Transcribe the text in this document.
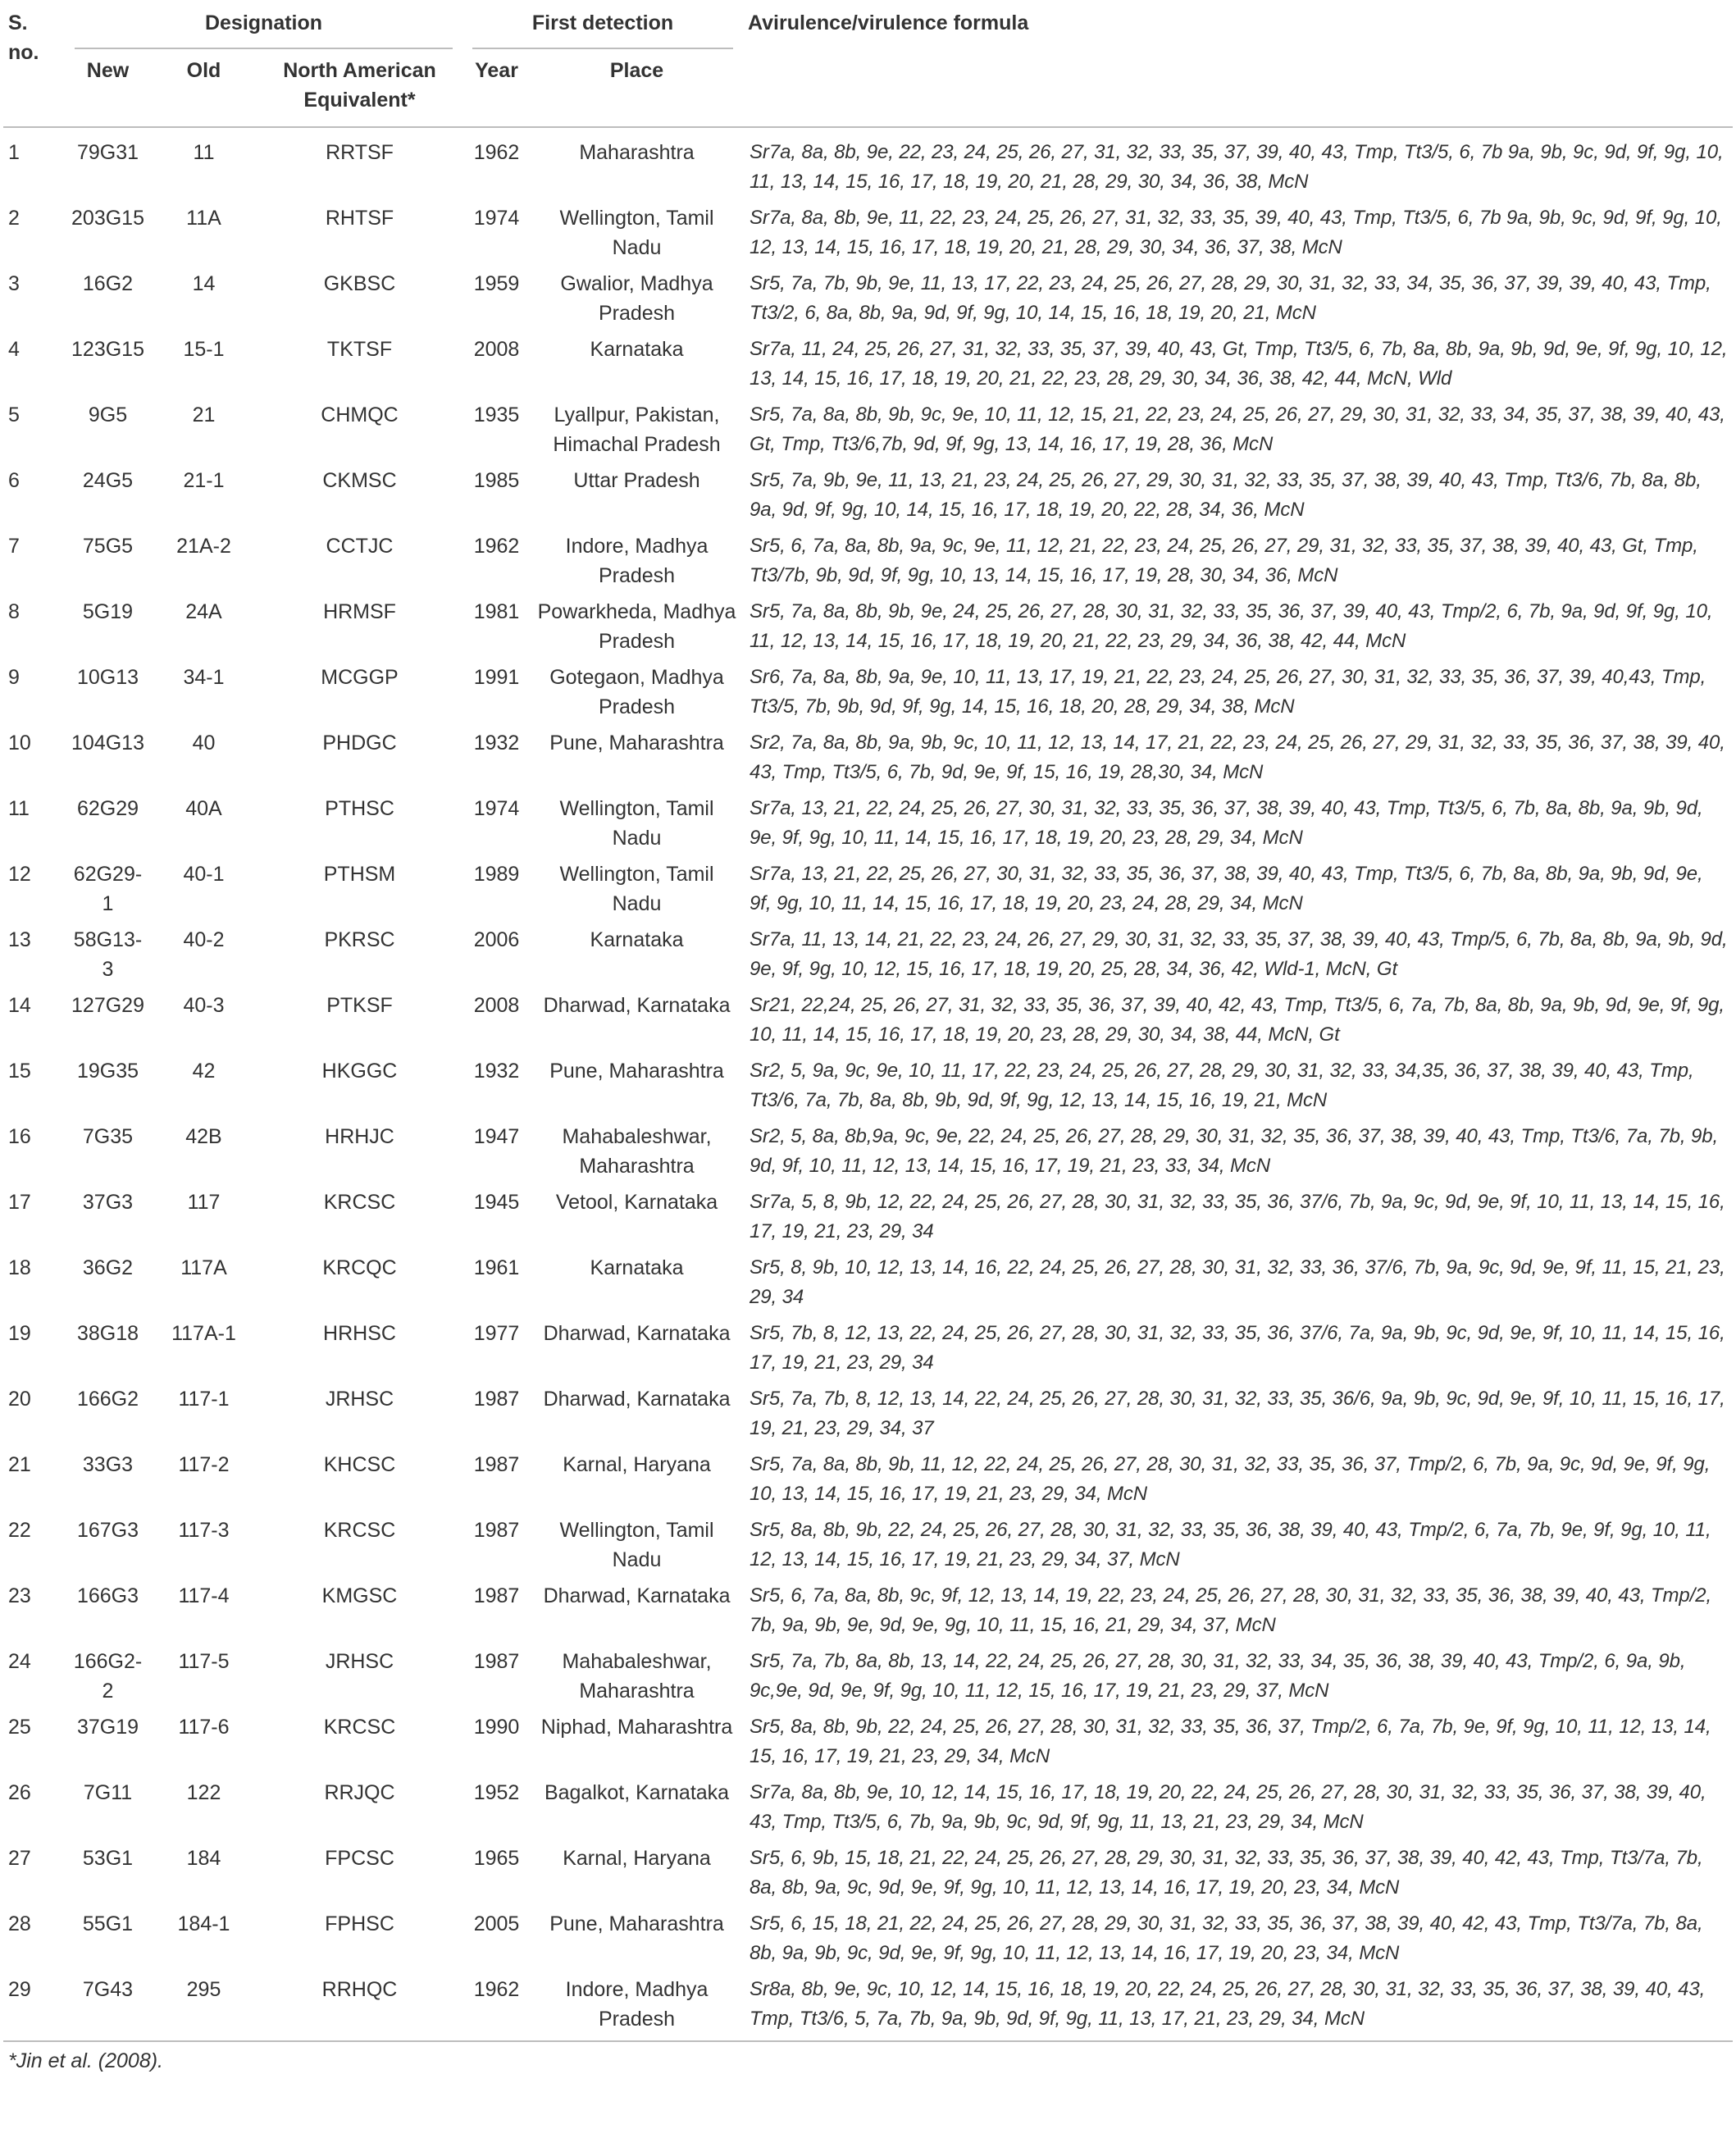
S. no.	Designation			First detection		Avirulence/virulence formula
	New	Old	North American Equivalent*	Year	Place	
1	79G31	11	RRTSF	1962	Maharashtra	Sr7a, 8a, 8b, 9e, 22, 23, 24, 25, 26, 27, 31, 32, 33, 35, 37, 39, 40, 43, Tmp, Tt3/5, 6, 7b 9a, 9b, 9c, 9d, 9f, 9g, 10, 11, 13, 14, 15, 16, 17, 18, 19, 20, 21, 28, 29, 30, 34, 36, 38, McN
2	203G15	11A	RHTSF	1974	Wellington, Tamil Nadu	Sr7a, 8a, 8b, 9e, 11, 22, 23, 24, 25, 26, 27, 31, 32, 33, 35, 39, 40, 43, Tmp, Tt3/5, 6, 7b 9a, 9b, 9c, 9d, 9f, 9g, 10, 12, 13, 14, 15, 16, 17, 18, 19, 20, 21, 28, 29, 30, 34, 36, 37, 38, McN
3	16G2	14	GKBSC	1959	Gwalior, Madhya Pradesh	Sr5, 7a, 7b, 9b, 9e, 11, 13, 17, 22, 23, 24, 25, 26, 27, 28, 29, 30, 31, 32, 33, 34, 35, 36, 37, 39, 39, 40, 43, Tmp, Tt3/2, 6, 8a, 8b, 9a, 9d, 9f, 9g, 10, 14, 15, 16, 18, 19, 20, 21, McN
4	123G15	15-1	TKTSF	2008	Karnataka	Sr7a, 11, 24, 25, 26, 27, 31, 32, 33, 35, 37, 39, 40, 43, Gt, Tmp, Tt3/5, 6, 7b, 8a, 8b, 9a, 9b, 9d, 9e, 9f, 9g, 10, 12, 13, 14, 15, 16, 17, 18, 19, 20, 21, 22, 23, 28, 29, 30, 34, 36, 38, 42, 44, McN, Wld
5	9G5	21	CHMQC	1935	Lyallpur, Pakistan, Himachal Pradesh	Sr5, 7a, 8a, 8b, 9b, 9c, 9e, 10, 11, 12, 15, 21, 22, 23, 24, 25, 26, 27, 29, 30, 31, 32, 33, 34, 35, 37, 38, 39, 40, 43, Gt, Tmp, Tt3/6,7b, 9d, 9f, 9g, 13, 14, 16, 17, 19, 28, 36, McN
6	24G5	21-1	CKMSC	1985	Uttar Pradesh	Sr5, 7a, 9b, 9e, 11, 13, 21, 23, 24, 25, 26, 27, 29, 30, 31, 32, 33, 35, 37, 38, 39, 40, 43, Tmp, Tt3/6, 7b, 8a, 8b, 9a, 9d, 9f, 9g, 10, 14, 15, 16, 17, 18, 19, 20, 22, 28, 34, 36, McN
7	75G5	21A-2	CCTJC	1962	Indore, Madhya Pradesh	Sr5, 6, 7a, 8a, 8b, 9a, 9c, 9e, 11, 12, 21, 22, 23, 24, 25, 26, 27, 29, 31, 32, 33, 35, 37, 38, 39, 40, 43, Gt, Tmp, Tt3/7b, 9b, 9d, 9f, 9g, 10, 13, 14, 15, 16, 17, 19, 28, 30, 34, 36, McN
8	5G19	24A	HRMSF	1981	Powarkheda, Madhya Pradesh	Sr5, 7a, 8a, 8b, 9b, 9e, 24, 25, 26, 27, 28, 30, 31, 32, 33, 35, 36, 37, 39, 40, 43, Tmp/2, 6, 7b, 9a, 9d, 9f, 9g, 10, 11, 12, 13, 14, 15, 16, 17, 18, 19, 20, 21, 22, 23, 29, 34, 36, 38, 42, 44, McN
9	10G13	34-1	MCGGP	1991	Gotegaon, Madhya Pradesh	Sr6, 7a, 8a, 8b, 9a, 9e, 10, 11, 13, 17, 19, 21, 22, 23, 24, 25, 26, 27, 30, 31, 32, 33, 35, 36, 37, 39, 40,43, Tmp, Tt3/5, 7b, 9b, 9d, 9f, 9g, 14, 15, 16, 18, 20, 28, 29, 34, 38, McN
10	104G13	40	PHDGC	1932	Pune, Maharashtra	Sr2, 7a, 8a, 8b, 9a, 9b, 9c, 10, 11, 12, 13, 14, 17, 21, 22, 23, 24, 25, 26, 27, 29, 31, 32, 33, 35, 36, 37, 38, 39, 40, 43, Tmp, Tt3/5, 6, 7b, 9d, 9e, 9f, 15, 16, 19, 28,30, 34, McN
11	62G29	40A	PTHSC	1974	Wellington, Tamil Nadu	Sr7a, 13, 21, 22, 24, 25, 26, 27, 30, 31, 32, 33, 35, 36, 37, 38, 39, 40, 43, Tmp, Tt3/5, 6, 7b, 8a, 8b, 9a, 9b, 9d, 9e, 9f, 9g, 10, 11, 14, 15, 16, 17, 18, 19, 20, 23, 28, 29, 34, McN
12	62G29-1	40-1	PTHSM	1989	Wellington, Tamil Nadu	Sr7a, 13, 21, 22, 25, 26, 27, 30, 31, 32, 33, 35, 36, 37, 38, 39, 40, 43, Tmp, Tt3/5, 6, 7b, 8a, 8b, 9a, 9b, 9d, 9e, 9f, 9g, 10, 11, 14, 15, 16, 17, 18, 19, 20, 23, 24, 28, 29, 34, McN
13	58G13-3	40-2	PKRSC	2006	Karnataka	Sr7a, 11, 13, 14, 21, 22, 23, 24, 26, 27, 29, 30, 31, 32, 33, 35, 37, 38, 39, 40, 43, Tmp/5, 6, 7b, 8a, 8b, 9a, 9b, 9d, 9e, 9f, 9g, 10, 12, 15, 16, 17, 18, 19, 20, 25, 28, 34, 36, 42, Wld-1, McN, Gt
14	127G29	40-3	PTKSF	2008	Dharwad, Karnataka	Sr21, 22,24, 25, 26, 27, 31, 32, 33, 35, 36, 37, 39, 40, 42, 43, Tmp, Tt3/5, 6, 7a, 7b, 8a, 8b, 9a, 9b, 9d, 9e, 9f, 9g, 10, 11, 14, 15, 16, 17, 18, 19, 20, 23, 28, 29, 30, 34, 38, 44, McN, Gt
15	19G35	42	HKGGC	1932	Pune, Maharashtra	Sr2, 5, 9a, 9c, 9e, 10, 11, 17, 22, 23, 24, 25, 26, 27, 28, 29, 30, 31, 32, 33, 34,35, 36, 37, 38, 39, 40, 43, Tmp, Tt3/6, 7a, 7b, 8a, 8b, 9b, 9d, 9f, 9g, 12, 13, 14, 15, 16, 19, 21, McN
16	7G35	42B	HRHJC	1947	Mahabaleshwar, Maharashtra	Sr2, 5, 8a, 8b,9a, 9c, 9e, 22, 24, 25, 26, 27, 28, 29, 30, 31, 32, 35, 36, 37, 38, 39, 40, 43, Tmp, Tt3/6, 7a, 7b, 9b, 9d, 9f, 10, 11, 12, 13, 14, 15, 16, 17, 19, 21, 23, 33, 34, McN
17	37G3	117	KRCSC	1945	Vetool, Karnataka	Sr7a, 5, 8, 9b, 12, 22, 24, 25, 26, 27, 28, 30, 31, 32, 33, 35, 36, 37/6, 7b, 9a, 9c, 9d, 9e, 9f, 10, 11, 13, 14, 15, 16, 17, 19, 21, 23, 29, 34
18	36G2	117A	KRCQC	1961	Karnataka	Sr5, 8, 9b, 10, 12, 13, 14, 16, 22, 24, 25, 26, 27, 28, 30, 31, 32, 33, 36, 37/6, 7b, 9a, 9c, 9d, 9e, 9f, 11, 15, 21, 23, 29, 34
19	38G18	117A-1	HRHSC	1977	Dharwad, Karnataka	Sr5, 7b, 8, 12, 13, 22, 24, 25, 26, 27, 28, 30, 31, 32, 33, 35, 36, 37/6, 7a, 9a, 9b, 9c, 9d, 9e, 9f, 10, 11, 14, 15, 16, 17, 19, 21, 23, 29, 34
20	166G2	117-1	JRHSC	1987	Dharwad, Karnataka	Sr5, 7a, 7b, 8, 12, 13, 14, 22, 24, 25, 26, 27, 28, 30, 31, 32, 33, 35, 36/6, 9a, 9b, 9c, 9d, 9e, 9f, 10, 11, 15, 16, 17, 19, 21, 23, 29, 34, 37
21	33G3	117-2	KHCSC	1987	Karnal, Haryana	Sr5, 7a, 8a, 8b, 9b, 11, 12, 22, 24, 25, 26, 27, 28, 30, 31, 32, 33, 35, 36, 37, Tmp/2, 6, 7b, 9a, 9c, 9d, 9e, 9f, 9g, 10, 13, 14, 15, 16, 17, 19, 21, 23, 29, 34, McN
22	167G3	117-3	KRCSC	1987	Wellington, Tamil Nadu	Sr5, 8a, 8b, 9b, 22, 24, 25, 26, 27, 28, 30, 31, 32, 33, 35, 36, 38, 39, 40, 43, Tmp/2, 6, 7a, 7b, 9e, 9f, 9g, 10, 11, 12, 13, 14, 15, 16, 17, 19, 21, 23, 29, 34, 37, McN
23	166G3	117-4	KMGSC	1987	Dharwad, Karnataka	Sr5, 6, 7a, 8a, 8b, 9c, 9f, 12, 13, 14, 19, 22, 23, 24, 25, 26, 27, 28, 30, 31, 32, 33, 35, 36, 38, 39, 40, 43, Tmp/2, 7b, 9a, 9b, 9e, 9d, 9e, 9g, 10, 11, 15, 16, 21, 29, 34, 37, McN
24	166G2-2	117-5	JRHSC	1987	Mahabaleshwar, Maharashtra	Sr5, 7a, 7b, 8a, 8b, 13, 14, 22, 24, 25, 26, 27, 28, 30, 31, 32, 33, 34, 35, 36, 38, 39, 40, 43, Tmp/2, 6, 9a, 9b, 9c,9e, 9d, 9e, 9f, 9g, 10, 11, 12, 15, 16, 17, 19, 21, 23, 29, 37, McN
25	37G19	117-6	KRCSC	1990	Niphad, Maharashtra	Sr5, 8a, 8b, 9b, 22, 24, 25, 26, 27, 28, 30, 31, 32, 33, 35, 36, 37, Tmp/2, 6, 7a, 7b, 9e, 9f, 9g, 10, 11, 12, 13, 14, 15, 16, 17, 19, 21, 23, 29, 34, McN
26	7G11	122	RRJQC	1952	Bagalkot, Karnataka	Sr7a, 8a, 8b, 9e, 10, 12, 14, 15, 16, 17, 18, 19, 20, 22, 24, 25, 26, 27, 28, 30, 31, 32, 33, 35, 36, 37, 38, 39, 40, 43, Tmp, Tt3/5, 6, 7b, 9a, 9b, 9c, 9d, 9f, 9g, 11, 13, 21, 23, 29, 34, McN
27	53G1	184	FPCSC	1965	Karnal, Haryana	Sr5, 6, 9b, 15, 18, 21, 22, 24, 25, 26, 27, 28, 29, 30, 31, 32, 33, 35, 36, 37, 38, 39, 40, 42, 43, Tmp, Tt3/7a, 7b, 8a, 8b, 9a, 9c, 9d, 9e, 9f, 9g, 10, 11, 12, 13, 14, 16, 17, 19, 20, 23, 34, McN
28	55G1	184-1	FPHSC	2005	Pune, Maharashtra	Sr5, 6, 15, 18, 21, 22, 24, 25, 26, 27, 28, 29, 30, 31, 32, 33, 35, 36, 37, 38, 39, 40, 42, 43, Tmp, Tt3/7a, 7b, 8a, 8b, 9a, 9b, 9c, 9d, 9e, 9f, 9g, 10, 11, 12, 13, 14, 16, 17, 19, 20, 23, 34, McN
29	7G43	295	RRHQC	1962	Indore, Madhya Pradesh	Sr8a, 8b, 9e, 9c, 10, 12, 14, 15, 16, 18, 19, 20, 22, 24, 25, 26, 27, 28, 30, 31, 32, 33, 35, 36, 37, 38, 39, 40, 43, Tmp, Tt3/6, 5, 7a, 7b, 9a, 9b, 9d, 9f, 9g, 11, 13, 17, 21, 23, 29, 34, McN
*Jin et al. (2008).
